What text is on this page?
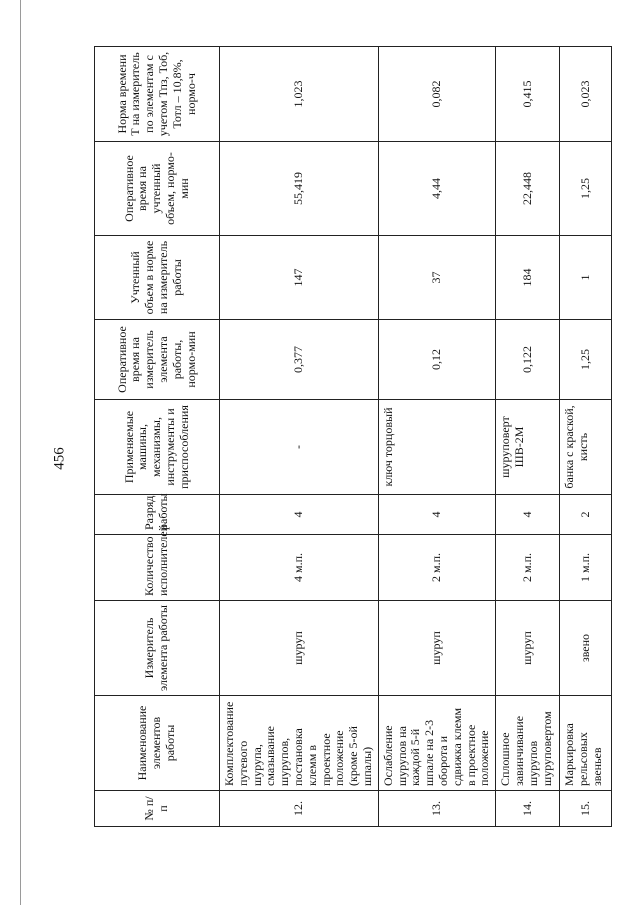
456
№ п/п	Наименование элементов работы	Измеритель элемента работы	Количество исполнителей	Разряд работы	Применяемые машины, механизмы, инструменты и приспособления	Оперативное время на измеритель элемента работы, нормо-мин	Учтенный объем в норме на измеритель работы	Оперативное время на учтенный объем, нормо-мин	Норма времени Т на измеритель по элементам с учетом Тпз, Тоб, Тотл – 10,8%, нормо-ч
12.	Комплектование путевого шурупа, смазывание шурупов, постановка клемм в проектное положение (кроме 5-ой шпалы)	шуруп	4 м.п.	4	-	0,377	147	55,419	1,023
13.	Ослабление шурупов на каждой 5-й шпале на 2-3 оборота и сдвижка клемм в проектное положение	шуруп	2 м.п.	4	ключ торцовый	0,12	37	4,44	0,082
14.	Сплошное завинчивание шурупов шуруповертом	шуруп	2 м.п.	4	шуруповерт ШВ-2М	0,122	184	22,448	0,415
15.	Маркировка рельсовых звеньев	звено	1 м.п.	2	банка с краской, кисть	1,25	1	1,25	0,023
